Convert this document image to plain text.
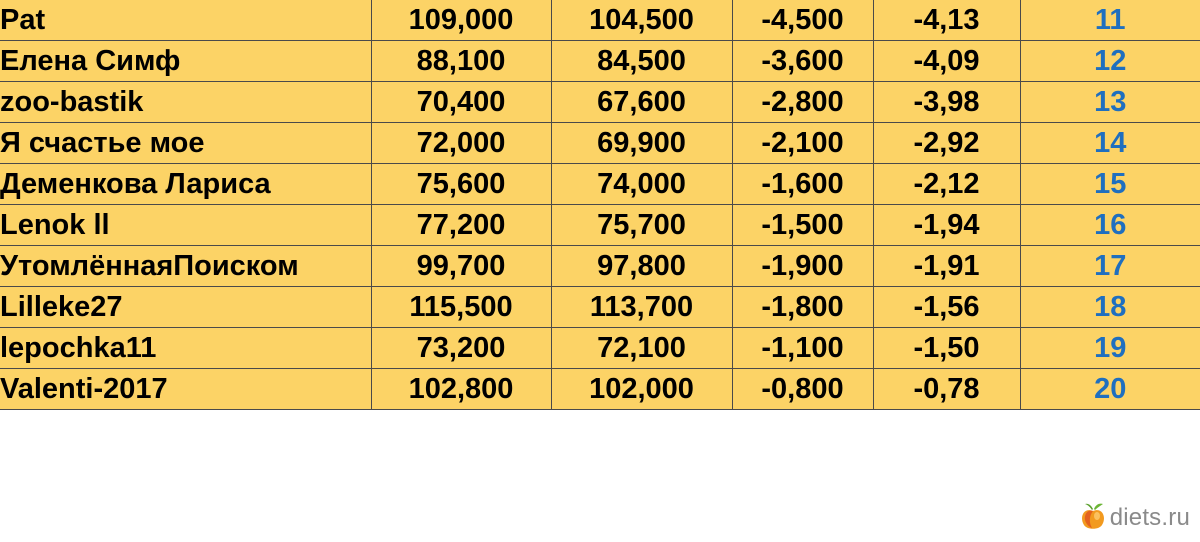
Pat	109,000	104,500	-4,500	-4,13	11
Елена Симф	88,100	84,500	-3,600	-4,09	12
zoo-bastik	70,400	67,600	-2,800	-3,98	13
Я счастье мое	72,000	69,900	-2,100	-2,92	14
Деменкова Лариса	75,600	74,000	-1,600	-2,12	15
Lenok ll	77,200	75,700	-1,500	-1,94	16
УтомлённаяПоиском	99,700	97,800	-1,900	-1,91	17
Lilleke27	115,500	113,700	-1,800	-1,56	18
lepochka11	73,200	72,100	-1,100	-1,50	19
Valenti-2017	102,800	102,000	-0,800	-0,78	20
diets.ru
